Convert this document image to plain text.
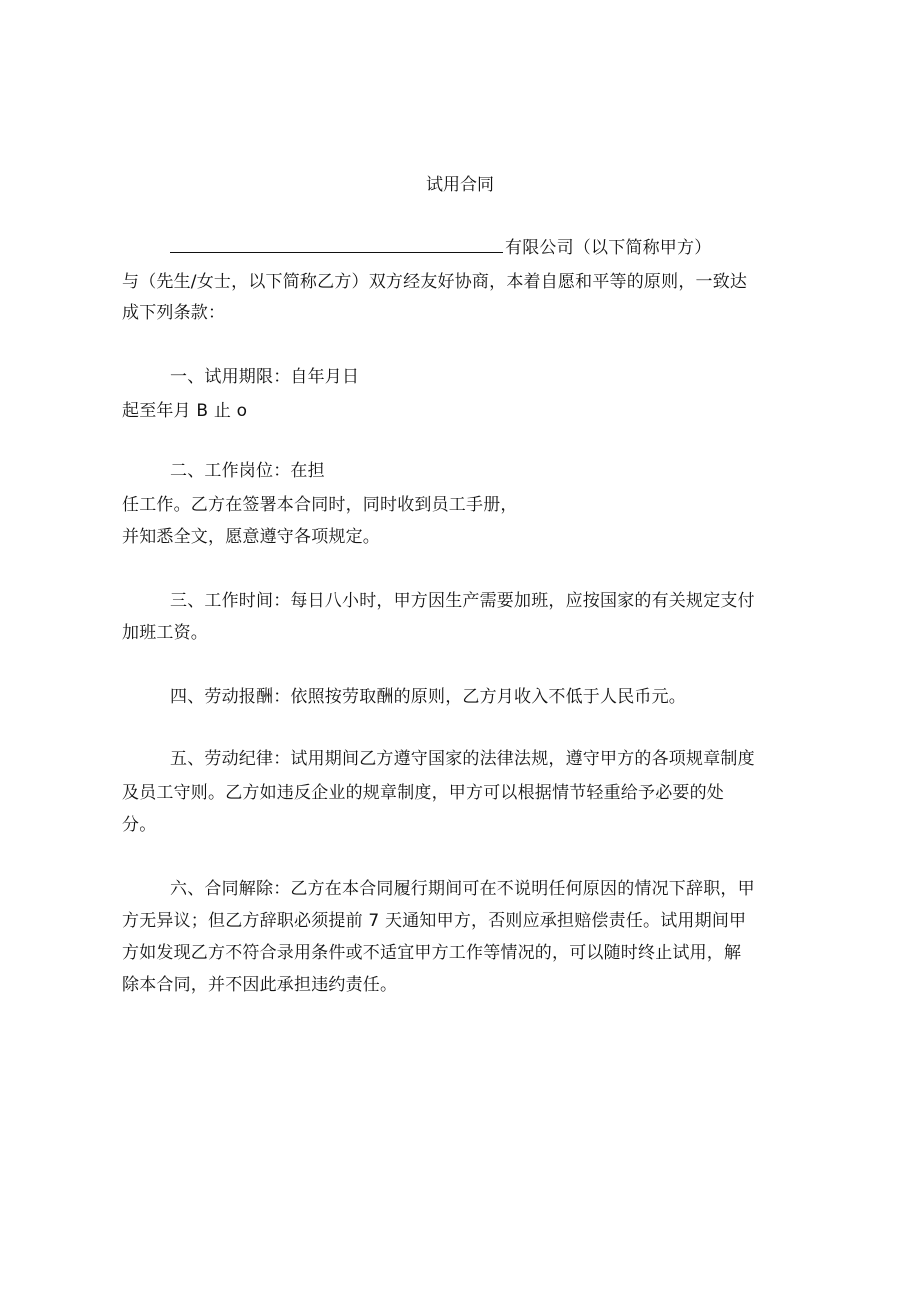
试用合同
有限公司（以下简称甲方）
与（先生/女士，以下简称乙方）双方经友好协商，本着自愿和平等的原则，一致达
成下列条款：
一、试用期限：自年月日
起至年月 B 止 o
二、工作岗位：在担
任工作。乙方在签署本合同时，同时收到员工手册，
并知悉全文，愿意遵守各项规定。
三、工作时间：每日八小时，甲方因生产需要加班，应按国家的有关规定支付
加班工资。
四、劳动报酬：依照按劳取酬的原则，乙方月收入不低于人民币元。
五、劳动纪律：试用期间乙方遵守国家的法律法规，遵守甲方的各项规章制度
及员工守则。乙方如违反企业的规章制度，甲方可以根据情节轻重给予必要的处
分。
六、合同解除：乙方在本合同履行期间可在不说明任何原因的情况下辞职，甲
方无异议；但乙方辞职必须提前 7 天通知甲方，否则应承担赔偿责任。试用期间甲
方如发现乙方不符合录用条件或不适宜甲方工作等情况的，可以随时终止试用，解
除本合同，并不因此承担违约责任。
